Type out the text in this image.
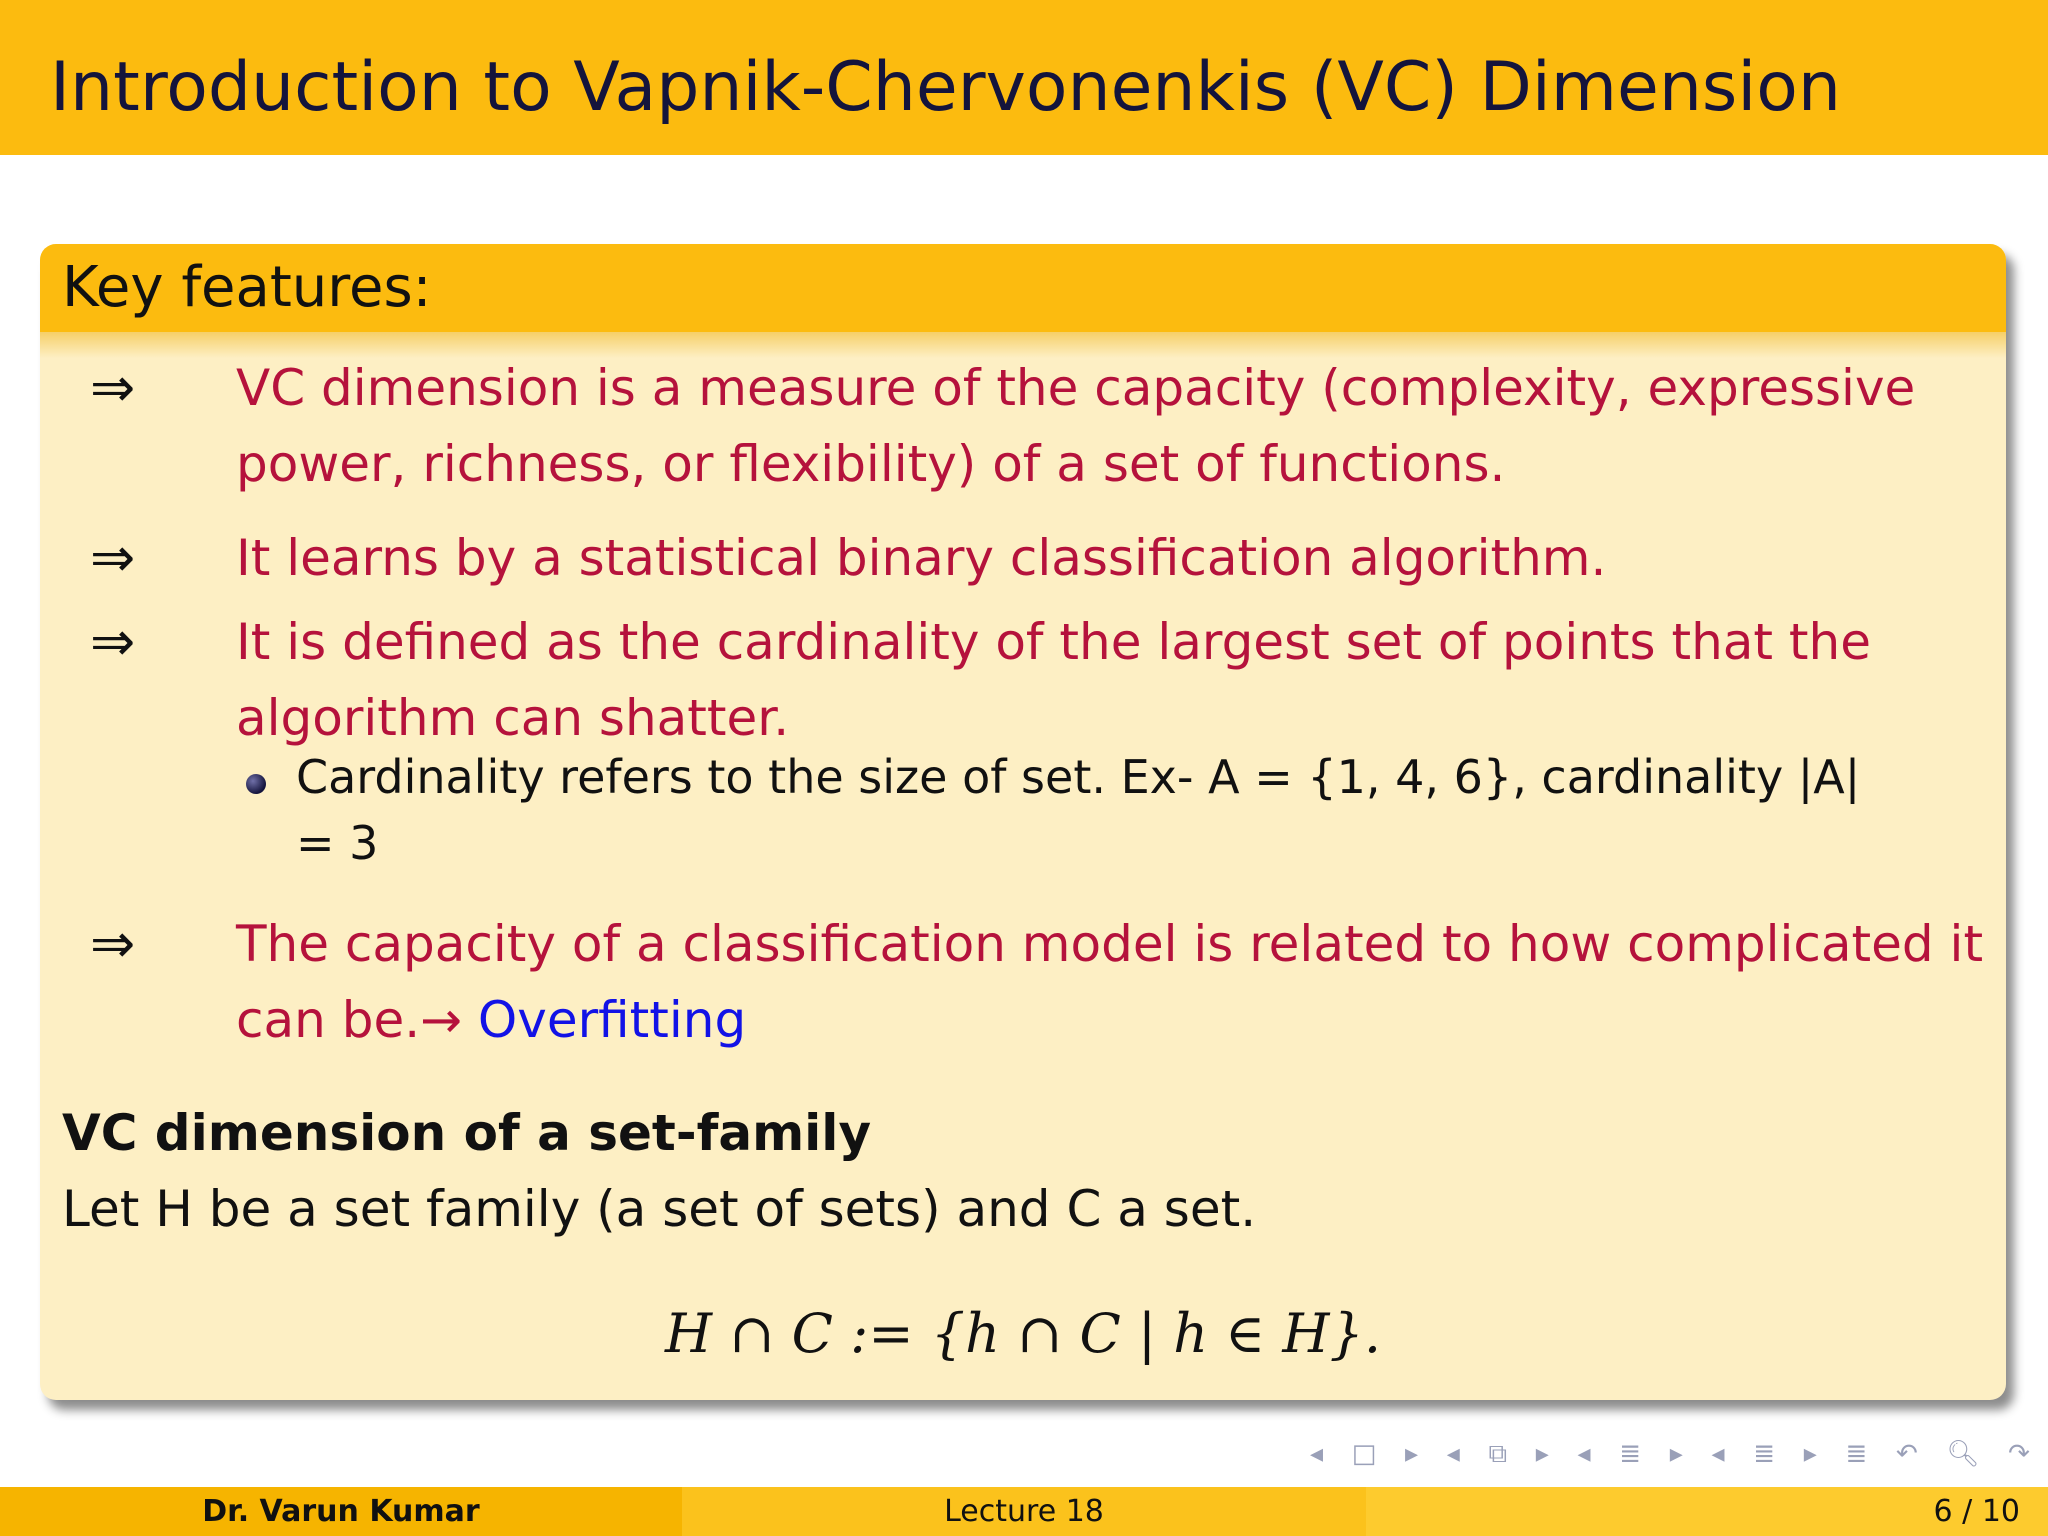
Introduction to Vapnik-Chervonenkis (VC) Dimension
Key features:
⇒	VC dimension is a measure of the capacity (complexity, expressive power, richness, or flexibility) of a set of functions.
⇒	It learns by a statistical binary classification algorithm.
⇒	It is defined as the cardinality of the largest set of points that the algorithm can shatter.
Cardinality refers to the size of set. Ex- A = {1, 4, 6}, cardinality |A| = 3
⇒	The capacity of a classification model is related to how complicated it can be.→ Overfitting
VC dimension of a set-family
Let H be a set family (a set of sets) and C a set.
H ∩ C := {h ∩ C | h ∈ H}.
◂ □ ▸ ◂ ⧉ ▸ ◂ ≣ ▸ ◂ ≣ ▸ ≣ ↶ 🔍︎ ↷
Dr. Varun Kumar	Lecture 18	6 / 10
